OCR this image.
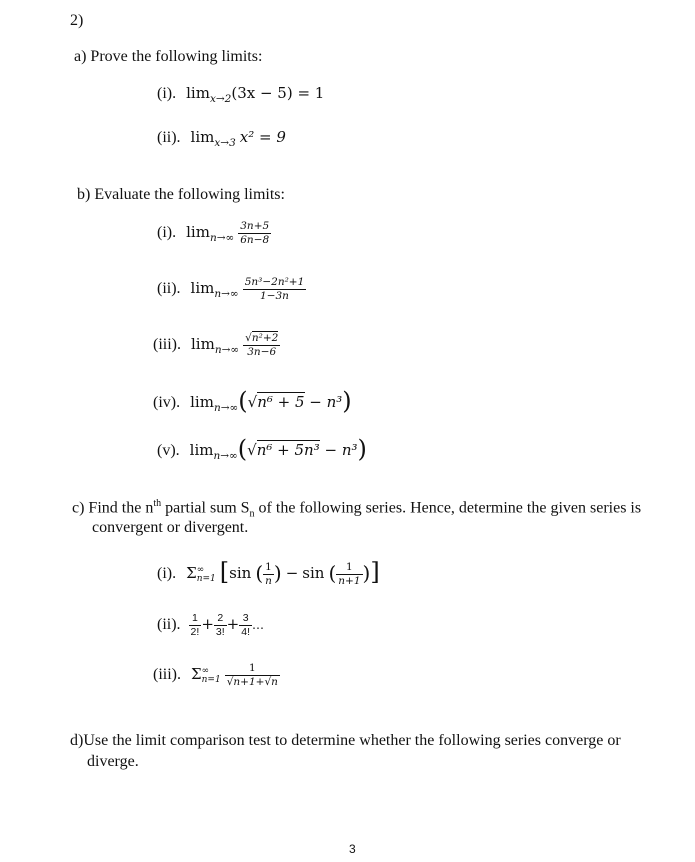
2)
a) Prove the following limits:
(i). $\lim_{x\to 2}(3x - 5) = 1$
(ii). $\lim_{x\to 3} x^2 = 9$
b) Evaluate the following limits:
(i). $\lim_{n\to\infty} \frac{3n+5}{6n-8}$
(ii). $\lim_{n\to\infty} \frac{\text{5n³−2n²+1}}{1-3n}$
(iii). $\lim_{n\to\infty} \frac{\text{√n²+2}}{3n-6}$
(iv). $\lim_{n\to\infty}(√n^6 + 5 - n^3)$
(v). $\lim_{n\to\infty}(√n^6 + 5n^3 - n^3)$
c) Find the $n^{th}$ partial sum $S_n$ of the following series. Hence, determine the given series is
convergent or divergent.
(i). Σ ∞
n=1 [sin ( $\frac{1}{n}$ ) − sin ( $\frac{1}{n+1}$ )]
(ii). $\frac{1}{2!} + \frac{2}{3!} + \frac{3}{4!}$ …
(iii). Σ ∞
n=1
$\frac{1}{√n+1+√n}$
d)Use the limit comparison test to determine whether the following series converge or
diverge.
3
